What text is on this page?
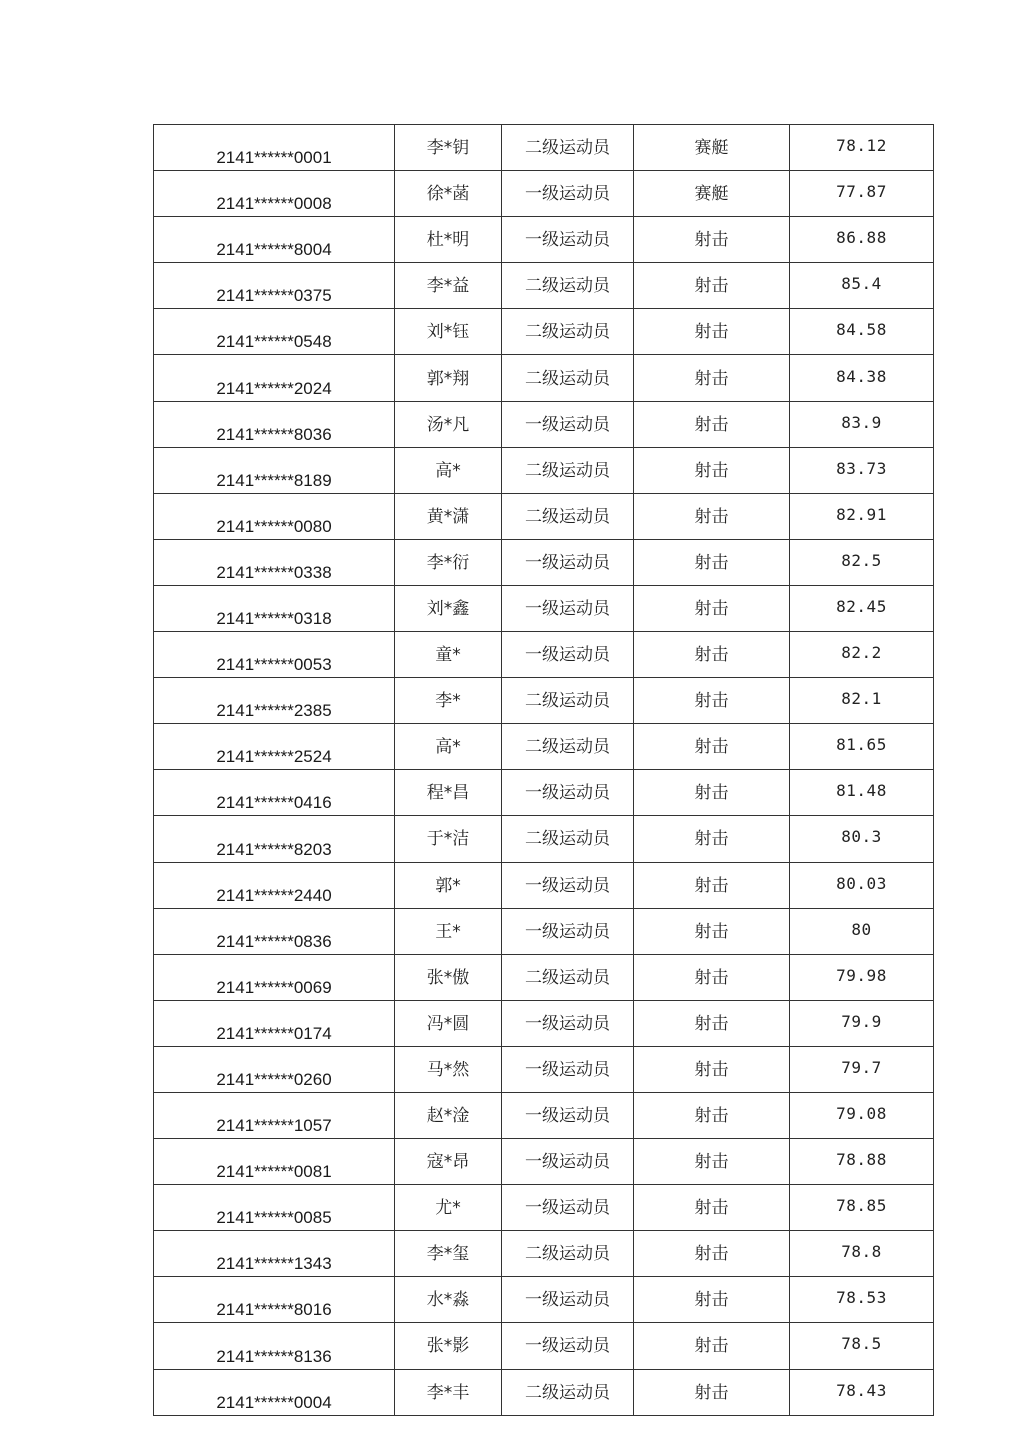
2141******0001	李*钥	二级运动员	赛艇	78.12
2141******0008	徐*菡	一级运动员	赛艇	77.87
2141******8004	杜*明	一级运动员	射击	86.88
2141******0375	李*益	二级运动员	射击	85.4
2141******0548	刘*钰	二级运动员	射击	84.58
2141******2024	郭*翔	二级运动员	射击	84.38
2141******8036	汤*凡	一级运动员	射击	83.9
2141******8189	高*	二级运动员	射击	83.73
2141******0080	黄*潇	二级运动员	射击	82.91
2141******0338	李*衍	一级运动员	射击	82.5
2141******0318	刘*鑫	一级运动员	射击	82.45
2141******0053	童*	一级运动员	射击	82.2
2141******2385	李*	二级运动员	射击	82.1
2141******2524	高*	二级运动员	射击	81.65
2141******0416	程*昌	一级运动员	射击	81.48
2141******8203	于*洁	二级运动员	射击	80.3
2141******2440	郭*	一级运动员	射击	80.03
2141******0836	王*	一级运动员	射击	80
2141******0069	张*傲	二级运动员	射击	79.98
2141******0174	冯*圆	一级运动员	射击	79.9
2141******0260	马*然	一级运动员	射击	79.7
2141******1057	赵*淦	一级运动员	射击	79.08
2141******0081	寇*昂	一级运动员	射击	78.88
2141******0085	尤*	一级运动员	射击	78.85
2141******1343	李*玺	二级运动员	射击	78.8
2141******8016	水*淼	一级运动员	射击	78.53
2141******8136	张*影	一级运动员	射击	78.5
2141******0004	李*丰	二级运动员	射击	78.43
